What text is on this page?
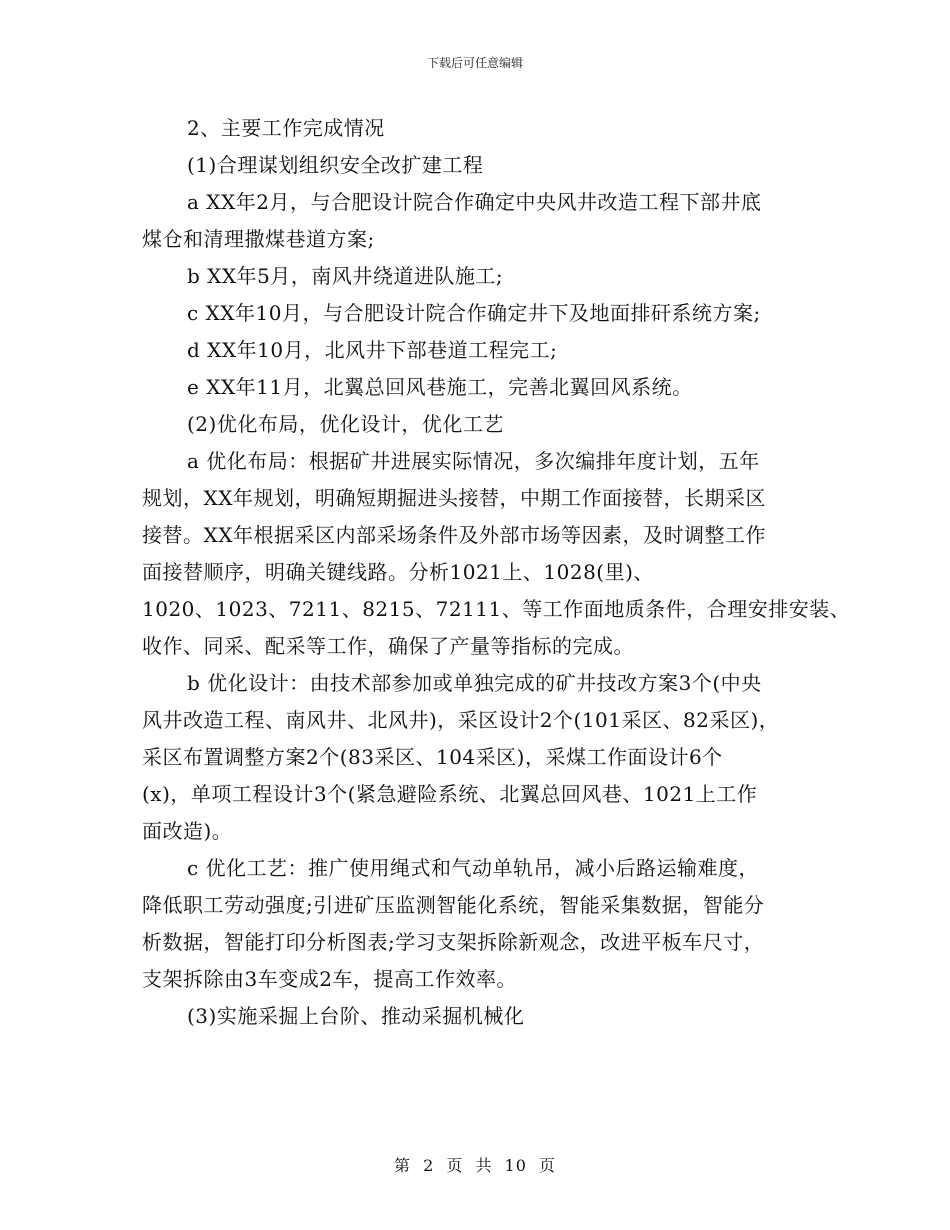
下载后可任意编辑
2、主要工作完成情况
(1)合理谋划组织安全改扩建工程
a XX年2月，与合肥设计院合作确定中央风井改造工程下部井底
煤仓和清理撒煤巷道方案;
b XX年5月，南风井绕道进队施工;
c XX年10月，与合肥设计院合作确定井下及地面排矸系统方案;
d XX年10月，北风井下部巷道工程完工;
e XX年11月，北翼总回风巷施工，完善北翼回风系统。
(2)优化布局，优化设计，优化工艺
a 优化布局：根据矿井进展实际情况，多次编排年度计划，五年
规划，XX年规划，明确短期掘进头接替，中期工作面接替，长期采区
接替。XX年根据采区内部采场条件及外部市场等因素，及时调整工作
面接替顺序，明确关键线路。分析1021上、1028(里)、
1020、1023、7211、8215、72111、等工作面地质条件，合理安排安装、
收作、同采、配采等工作，确保了产量等指标的完成。
b 优化设计：由技术部参加或单独完成的矿井技改方案3个(中央
风井改造工程、南风井、北风井)，采区设计2个(101采区、82采区)，
采区布置调整方案2个(83采区、104采区)，采煤工作面设计6个
(x)，单项工程设计3个(紧急避险系统、北翼总回风巷、1021上工作
面改造)。
c 优化工艺：推广使用绳式和气动单轨吊，减小后路运输难度，
降低职工劳动强度;引进矿压监测智能化系统，智能采集数据，智能分
析数据，智能打印分析图表;学习支架拆除新观念，改进平板车尺寸，
支架拆除由3车变成2车，提高工作效率。
(3)实施采掘上台阶、推动采掘机械化
第 2 页 共 10 页
